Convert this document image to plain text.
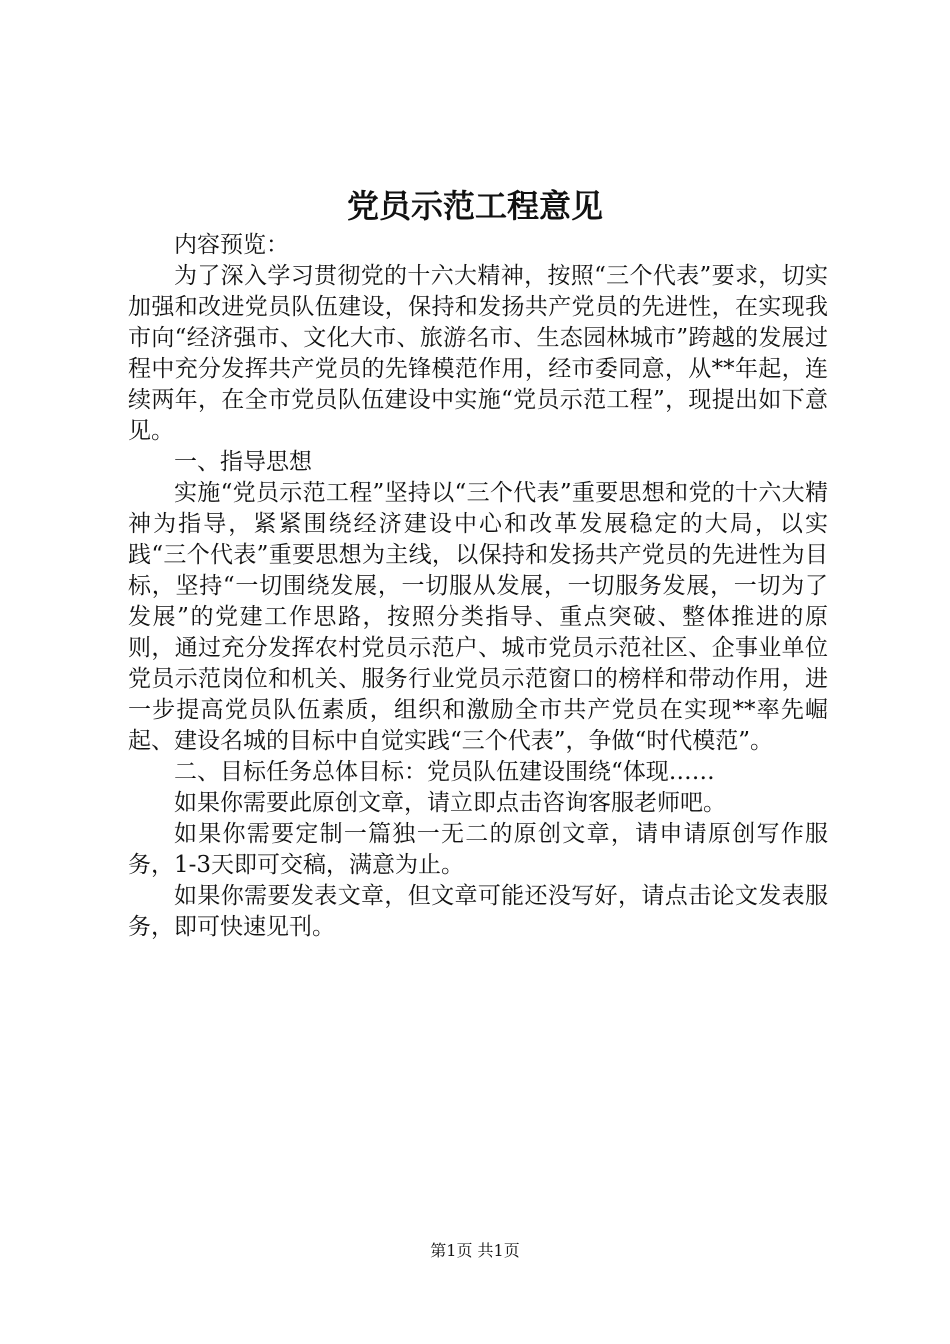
党员示范工程意见

内容预览：

为了深入学习贯彻党的十六大精神，按照“三个代表”要求，切实加强和改进党员队伍建设，保持和发扬共产党员的先进性，在实现我市向“经济强市、文化大市、旅游名市、生态园林城市”跨越的发展过程中充分发挥共产党员的先锋模范作用，经市委同意，从**年起，连续两年，在全市党员队伍建设中实施“党员示范工程”，现提出如下意见。

一、指导思想

实施“党员示范工程”坚持以“三个代表”重要思想和党的十六大精神为指导，紧紧围绕经济建设中心和改革发展稳定的大局，以实践“三个代表”重要思想为主线，以保持和发扬共产党员的先进性为目标，坚持“一切围绕发展，一切服从发展，一切服务发展，一切为了发展”的党建工作思路，按照分类指导、重点突破、整体推进的原则，通过充分发挥农村党员示范户、城市党员示范社区、企事业单位党员示范岗位和机关、服务行业党员示范窗口的榜样和带动作用，进一步提高党员队伍素质，组织和激励全市共产党员在实现**率先崛起、建设名城的目标中自觉实践“三个代表”，争做“时代模范”。

二、目标任务总体目标：党员队伍建设围绕“体现……

如果你需要此原创文章，请立即点击咨询客服老师吧。

如果你需要定制一篇独一无二的原创文章，请申请原创写作服务，1-3天即可交稿，满意为止。

如果你需要发表文章，但文章可能还没写好，请点击论文发表服务，即可快速见刊。

第1页 共1页
